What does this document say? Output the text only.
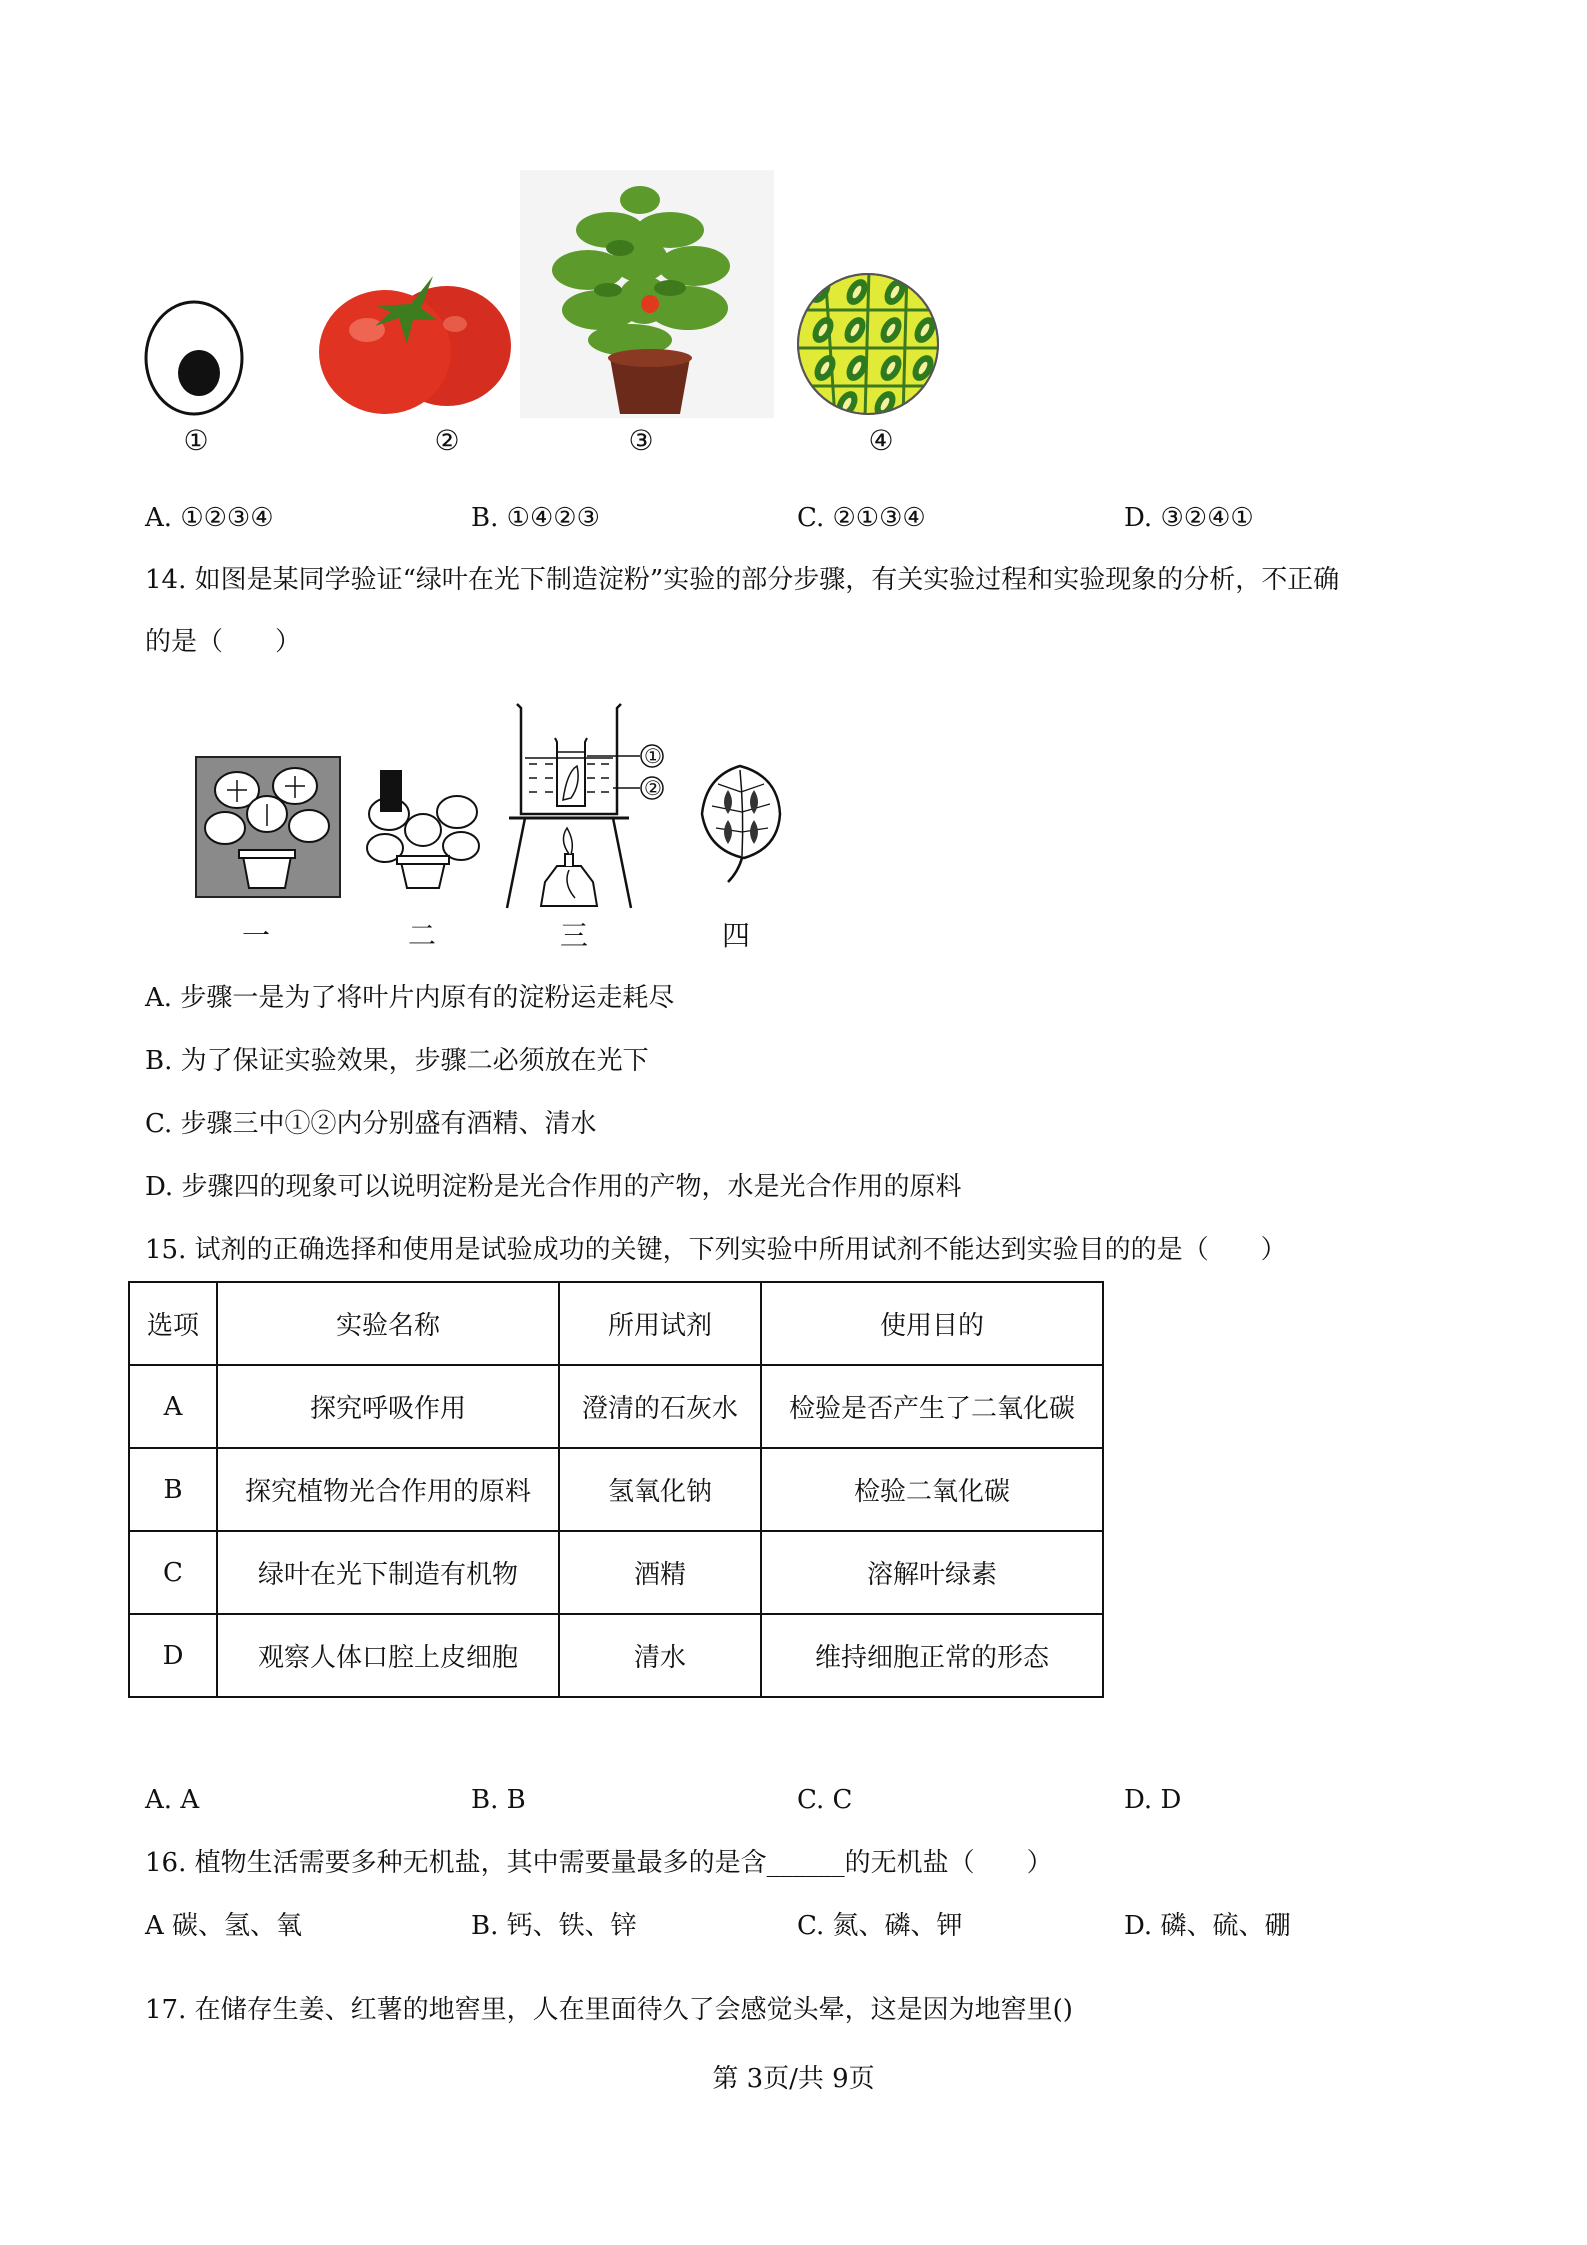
①	②	③	④
A. ①②③④	B. ①④②③	C. ②①③④	D. ③②④①
14. 如图是某同学验证“绿叶在光下制造淀粉”实验的部分步骤，有关实验过程和实验现象的分析，不正确
的是（　　）
①
②
一	二	三	四
A. 步骤一是为了将叶片内原有的淀粉运走耗尽
B. 为了保证实验效果，步骤二必须放在光下
C. 步骤三中①②内分别盛有酒精、清水
D. 步骤四的现象可以说明淀粉是光合作用的产物，水是光合作用的原料
15. 试剂的正确选择和使用是试验成功的关键，下列实验中所用试剂不能达到实验目的的是（　　）
选项	实验名称	所用试剂	使用目的
A	探究呼吸作用	澄清的石灰水	检验是否产生了二氧化碳
B	探究植物光合作用的原料	氢氧化钠	检验二氧化碳
C	绿叶在光下制造有机物	酒精	溶解叶绿素
D	观察人体口腔上皮细胞	清水	维持细胞正常的形态
A. A	B. B	C. C	D. D
16. 植物生活需要多种无机盐，其中需要量最多的是含______的无机盐（　　）
A 碳、氢、氧	B. 钙、铁、锌	C. 氮、磷、钾	D. 磷、硫、硼
17. 在储存生姜、红薯的地窖里，人在里面待久了会感觉头晕，这是因为地窖里()
第 3页/共 9页
